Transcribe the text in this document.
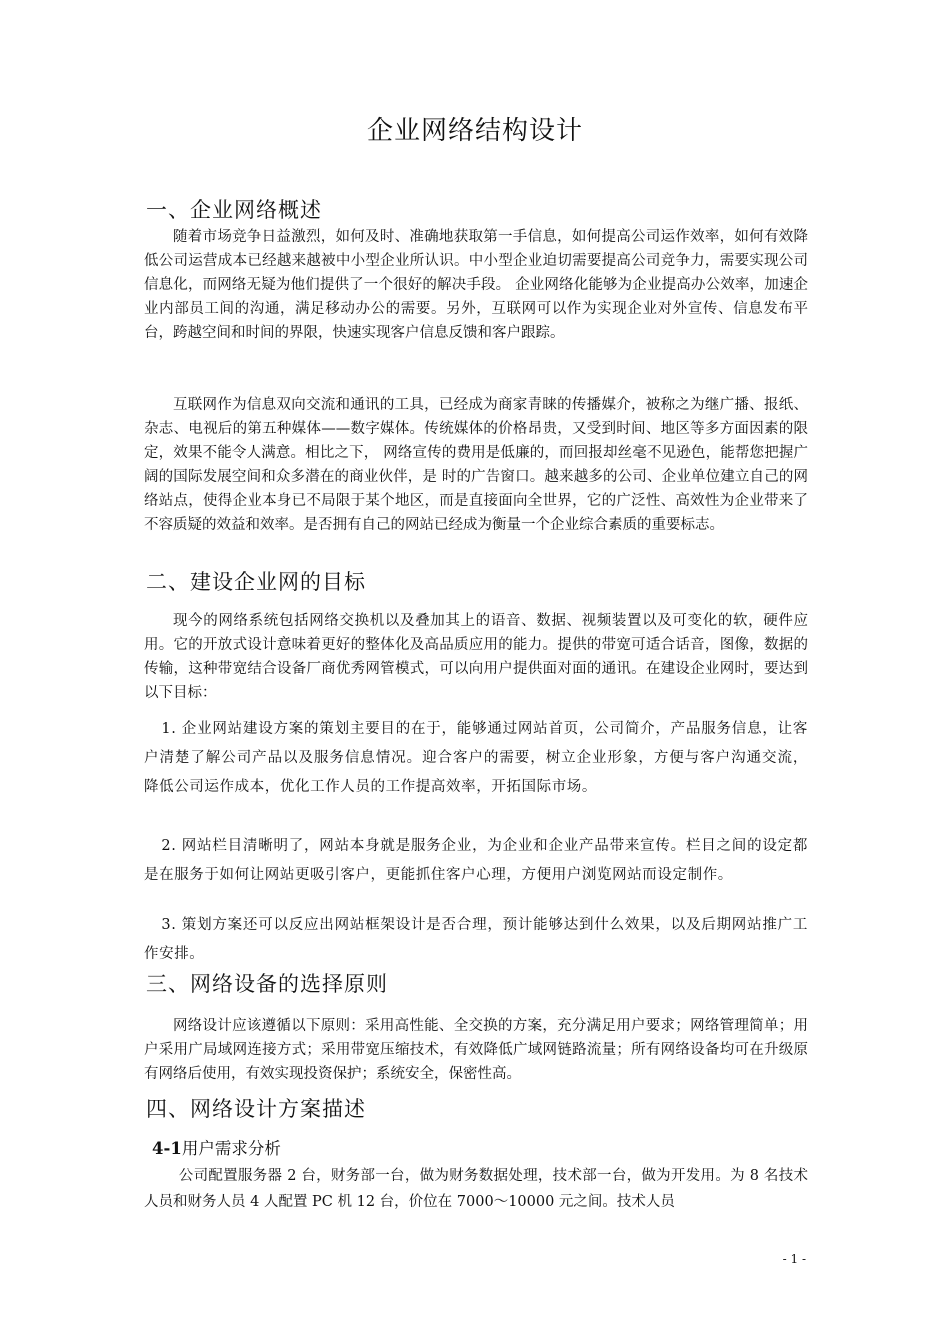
企业网络结构设计
一、企业网络概述

随着市场竞争日益激烈，如何及时、准确地获取第一手信息，如何提高公司运作效率，如何有效降低公司运营成本已经越来越被中小型企业所认识。中小型企业迫切需要提高公司竞争力，需要实现公司信息化，而网络无疑为他们提供了一个很好的解决手段。 企业网络化能够为企业提高办公效率，加速企业内部员工间的沟通，满足移动办公的需要。另外，互联网可以作为实现企业对外宣传、信息发布平台，跨越空间和时间的界限，快速实现客户信息反馈和客户跟踪。

互联网作为信息双向交流和通讯的工具，已经成为商家青睐的传播媒介，被称之为继广播、报纸、杂志、电视后的第五种媒体——数字媒体。传统媒体的价格昂贵，又受到时间、地区等多方面因素的限定，效果不能令人满意。相比之下， 网络宣传的费用是低廉的，而回报却丝毫不见逊色，能帮您把握广阔的国际发展空间和众多潜在的商业伙伴，是 时的广告窗口。越来越多的公司、企业单位建立自己的网络站点，使得企业本身已不局限于某个地区，而是直接面向全世界，它的广泛性、高效性为企业带来了不容质疑的效益和效率。是否拥有自己的网站已经成为衡量一个企业综合素质的重要标志。

二、建设企业网的目标

现今的网络系统包括网络交换机以及叠加其上的语音、数据、视频装置以及可变化的软，硬件应用。它的开放式设计意味着更好的整体化及高品质应用的能力。提供的带宽可适合话音，图像，数据的传输，这种带宽结合设备厂商优秀网管模式，可以向用户提供面对面的通讯。在建设企业网时，要达到以下目标：

1. 企业网站建设方案的策划主要目的在于，能够通过网站首页，公司简介，产品服务信息，让客户清楚了解公司产品以及服务信息情况。迎合客户的需要，树立企业形象，方便与客户沟通交流，降低公司运作成本，优化工作人员的工作提高效率，开拓国际市场。

2. 网站栏目清晰明了，网站本身就是服务企业，为企业和企业产品带来宣传。栏目之间的设定都是在服务于如何让网站更吸引客户，更能抓住客户心理，方便用户浏览网站而设定制作。

3. 策划方案还可以反应出网站框架设计是否合理，预计能够达到什么效果，以及后期网站推广工作安排。

三、网络设备的选择原则

网络设计应该遵循以下原则：采用高性能、全交换的方案，充分满足用户要求；网络管理简单；用户采用广局域网连接方式；采用带宽压缩技术，有效降低广域网链路流量；所有网络设备均可在升级原有网络后使用，有效实现投资保护；系统安全，保密性高。

四、网络设计方案描述
4-1用户需求分析

公司配置服务器 2 台，财务部一台，做为财务数据处理，技术部一台，做为开发用。为 8 名技术人员和财务人员 4 人配置 PC 机 12 台，价位在 7000～10000 元之间。技术人员

- 1 -
